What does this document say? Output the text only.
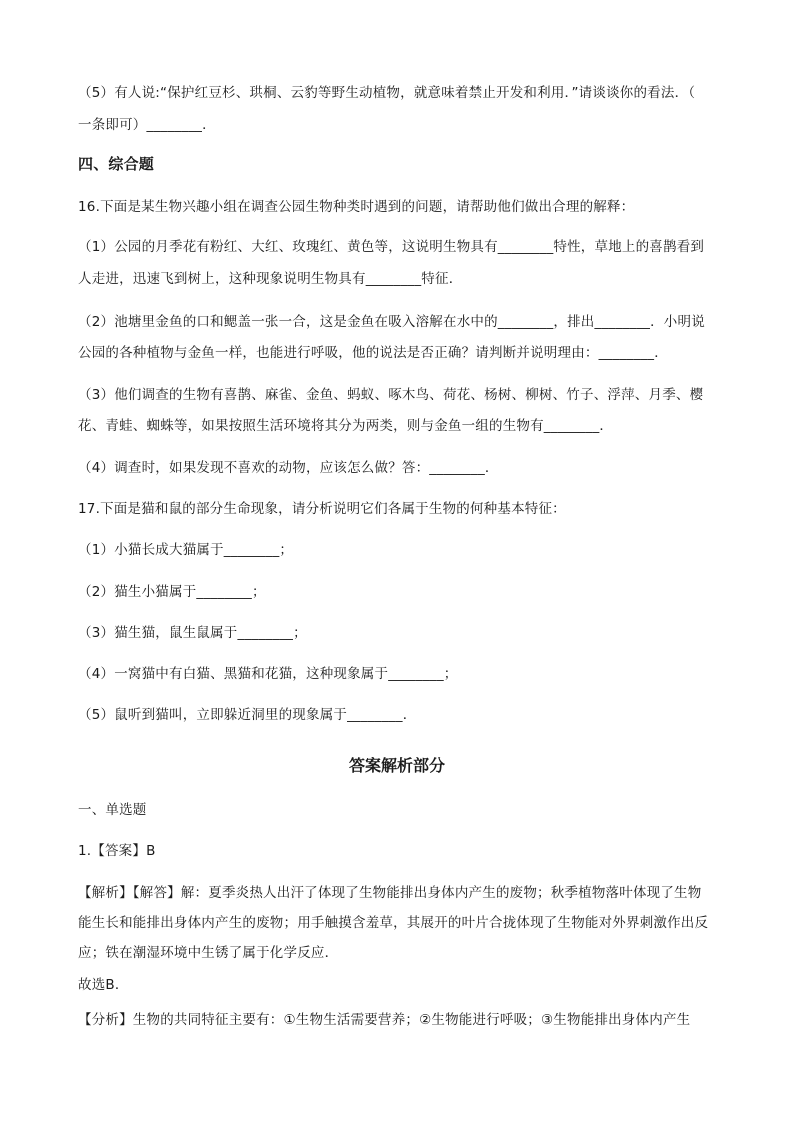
（5）有人说:“保护红豆杉、珙桐、云豹等野生动植物，就意味着禁止开发和利用．”请谈谈你的看法．（
一条即可）________．
四、综合题
16.下面是某生物兴趣小组在调查公园生物种类时遇到的问题，请帮助他们做出合理的解释：
（1）公园的月季花有粉红、大红、玫瑰红、黄色等，这说明生物具有________特性，草地上的喜鹊看到
人走进，迅速飞到树上，这种现象说明生物具有________特征．
（2）池塘里金鱼的口和鳃盖一张一合，这是金鱼在吸入溶解在水中的________，排出________．小明说
公园的各种植物与金鱼一样，也能进行呼吸，他的说法是否正确？请判断并说明理由：________．
（3）他们调查的生物有喜鹊、麻雀、金鱼、蚂蚁、啄木鸟、荷花、杨树、柳树、竹子、浮萍、月季、樱
花、青蛙、蜘蛛等，如果按照生活环境将其分为两类，则与金鱼一组的生物有________．
（4）调查时，如果发现不喜欢的动物，应该怎么做？答：________．
17.下面是猫和鼠的部分生命现象，请分析说明它们各属于生物的何种基本特征：
（1）小猫长成大猫属于________；
（2）猫生小猫属于________；
（3）猫生猫，鼠生鼠属于________；
（4）一窝猫中有白猫、黑猫和花猫，这种现象属于________；
（5）鼠听到猫叫，立即躲近洞里的现象属于________．
答案解析部分
一、单选题
1.【答案】B
【解析】【解答】解：夏季炎热人出汗了体现了生物能排出身体内产生的废物；秋季植物落叶体现了生物
能生长和能排出身体内产生的废物；用手触摸含羞草，其展开的叶片合拢体现了生物能对外界刺激作出反
应；铁在潮湿环境中生锈了属于化学反应．
故选B．
【分析】生物的共同特征主要有：①生物生活需要营养；②生物能进行呼吸；③生物能排出身体内产生
